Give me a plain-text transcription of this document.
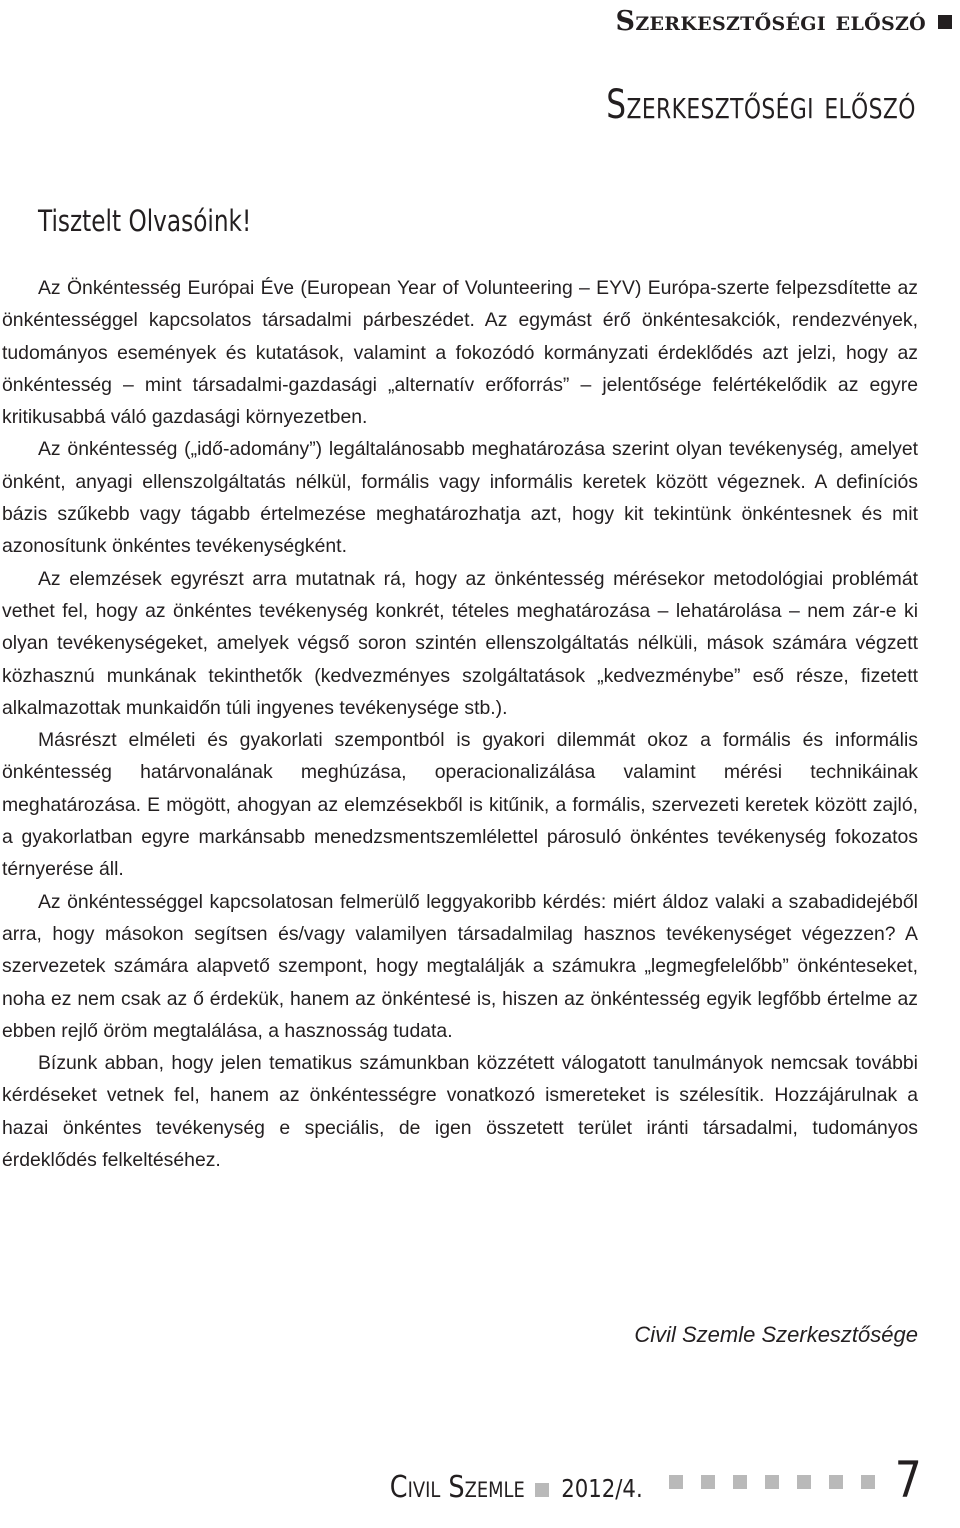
Szerkesztőségi előszó
Szerkesztőségi előszó
Tisztelt Olvasóink!

Az Önkéntesség Európai Éve (European Year of Volunteering – EYV) Európa-szerte felpezsdítette az önkéntességgel kapcsolatos társadalmi párbeszédet. Az egymást érő önkéntesakciók, rendezvények, tudományos események és kutatások, valamint a fokozódó kormányzati érdeklődés azt jelzi, hogy az önkéntesség – mint társadalmi-gazdasági „alternatív erőforrás” – jelentősége felértékelődik az egyre kritikusabbá váló gazdasági környezetben.

Az önkéntesség („idő-adomány”) legáltalánosabb meghatározása szerint olyan tevékenység, amelyet önként, anyagi ellenszolgáltatás nélkül, formális vagy informális keretek között végeznek. A definíciós bázis szűkebb vagy tágabb értelmezése meghatározhatja azt, hogy kit tekintünk önkéntesnek és mit azonosítunk önkéntes tevékenységként.

Az elemzések egyrészt arra mutatnak rá, hogy az önkéntesség mérésekor metodológiai problémát vethet fel, hogy az önkéntes tevékenység konkrét, tételes meghatározása – lehatárolása – nem zár-e ki olyan tevékenységeket, amelyek végső soron szintén ellenszolgáltatás nélküli, mások számára végzett közhasznú munkának tekinthetők (kedvezményes szolgáltatások „kedvezménybe” eső része, fizetett alkalmazottak munkaidőn túli ingyenes tevékenysége stb.).

Másrészt elméleti és gyakorlati szempontból is gyakori dilemmát okoz a formális és informális önkéntesség határvonalának meghúzása, operacionalizálása valamint mérési technikáinak meghatározása. E mögött, ahogyan az elemzésekből is kitűnik, a formális, szervezeti keretek között zajló, a gyakorlatban egyre markánsabb menedzsmentszemlélettel párosuló önkéntes tevékenység fokozatos térnyerése áll.

Az önkéntességgel kapcsolatosan felmerülő leggyakoribb kérdés: miért áldoz valaki a szabadidejéből arra, hogy másokon segítsen és/vagy valamilyen társadalmilag hasznos tevékenységet végezzen? A szervezetek számára alapvető szempont, hogy megtalálják a számukra „legmegfelelőbb” önkénteseket, noha ez nem csak az ő érdekük, hanem az önkéntesé is, hiszen az önkéntesség egyik legfőbb értelme az ebben rejlő öröm megtalálása, a hasznosság tudata.

Bízunk abban, hogy jelen tematikus számunkban közzétett válogatott tanulmányok nemcsak további kérdéseket vetnek fel, hanem az önkéntességre vonatkozó ismereteket is szélesítik. Hozzájárulnak a hazai önkéntes tevékenység e speciális, de igen összetett terület iránti társadalmi, tudományos érdeklődés felkeltéséhez.

Civil Szemle Szerkesztősége

Civil Szemle 2012/4.	7
